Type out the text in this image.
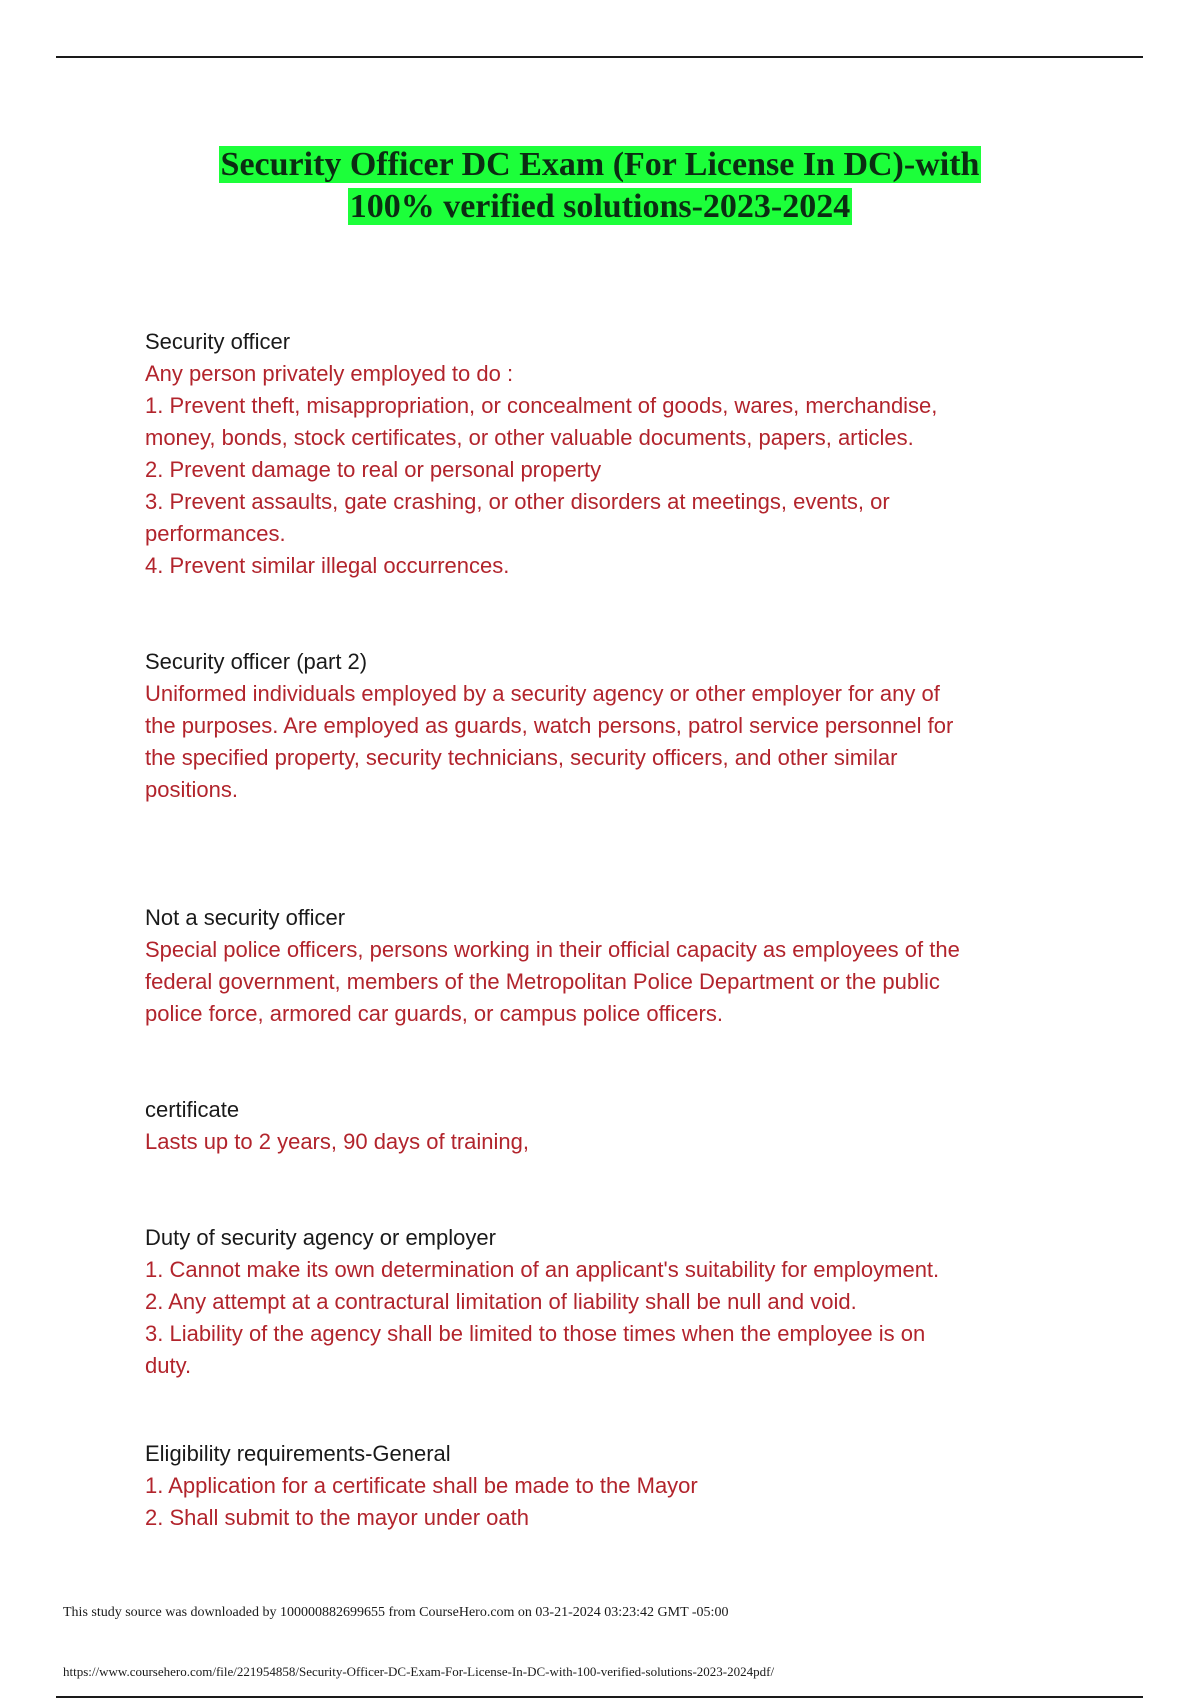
Security Officer DC Exam (For License In DC)-with
100% verified solutions-2023-2024
Security officer
Any person privately employed to do :
1. Prevent theft, misappropriation, or concealment of goods, wares, merchandise,
money, bonds, stock certificates, or other valuable documents, papers, articles.
2. Prevent damage to real or personal property
3. Prevent assaults, gate crashing, or other disorders at meetings, events, or
performances.
4. Prevent similar illegal occurrences.
Security officer (part 2)
Uniformed individuals employed by a security agency or other employer for any of
the purposes. Are employed as guards, watch persons, patrol service personnel for
the specified property, security technicians, security officers, and other similar
positions.
Not a security officer
Special police officers, persons working in their official capacity as employees of the
federal government, members of the Metropolitan Police Department or the public
police force, armored car guards, or campus police officers.
certificate
Lasts up to 2 years, 90 days of training,
Duty of security agency or employer
1. Cannot make its own determination of an applicant's suitability for employment.
2. Any attempt at a contractural limitation of liability shall be null and void.
3. Liability of the agency shall be limited to those times when the employee is on
duty.
Eligibility requirements-General
1. Application for a certificate shall be made to the Mayor
2. Shall submit to the mayor under oath
This study source was downloaded by 100000882699655 from CourseHero.com on 03-21-2024 03:23:42 GMT -05:00
https://www.coursehero.com/file/221954858/Security-Officer-DC-Exam-For-License-In-DC-with-100-verified-solutions-2023-2024pdf/
